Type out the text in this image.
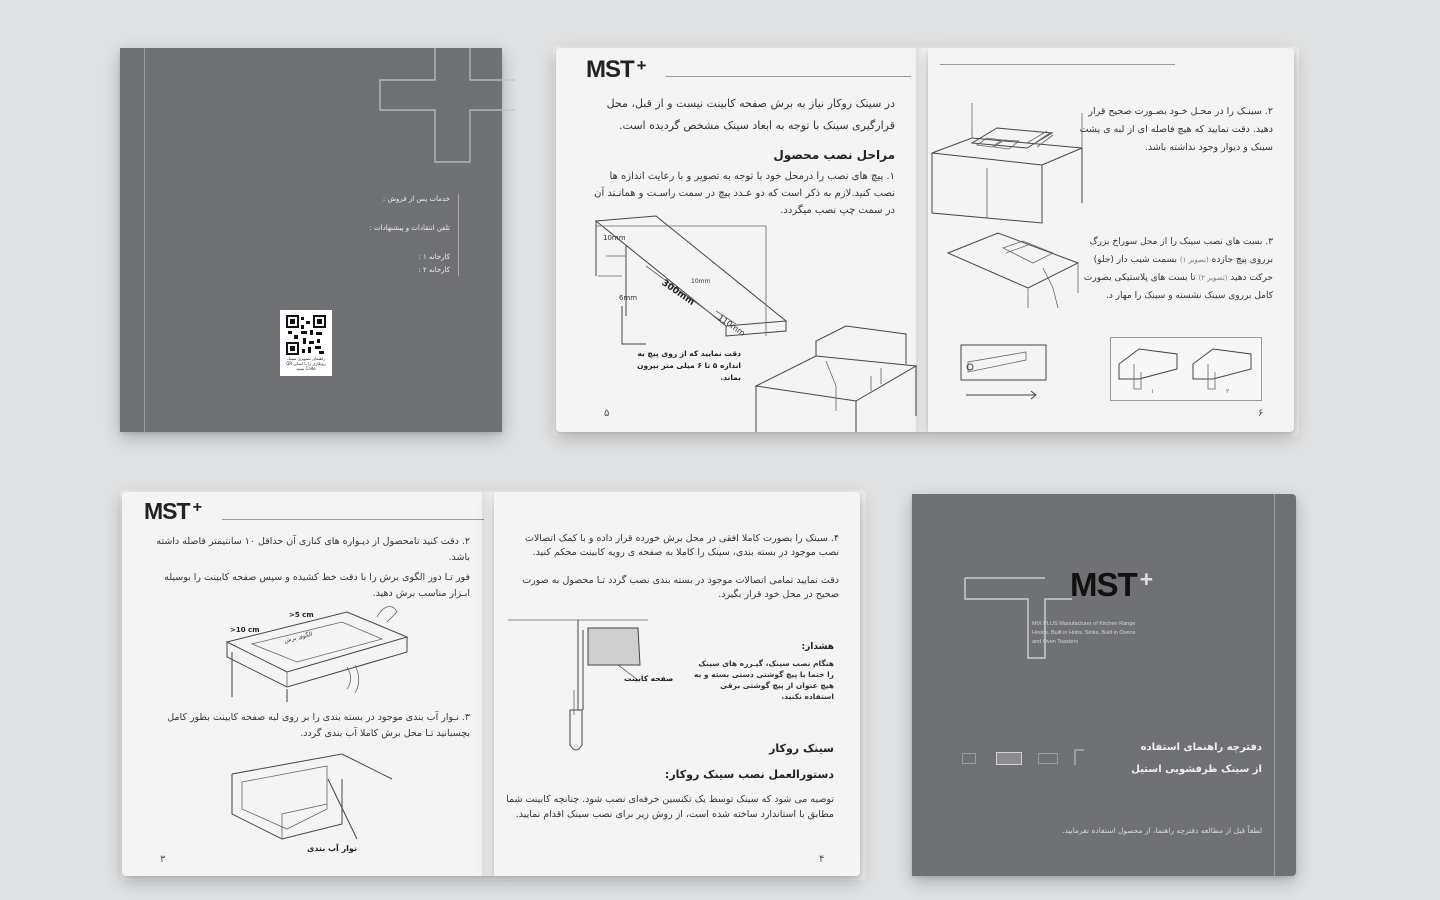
خدمات پس از فروش :
تلفن انتقادات و پیشنهادات :
کارخانه ۱ :
کارخانه ۲ :
راهنمای تصویری سینک رویکاری را با اسکن QR Code ببینید
MST +
در سینک روکار نیاز به برش صفحه کابینت نیست و از قبل، محل قرارگیری سینک با توجه به ابعاد سینک مشخص گردیده است.
مراحل نصب محصول
۱. پیچ های نصب را درمحل خود با توجه به تصویر و با رعایت اندازه ها نصب کنید.لازم به ذکر است که دو عـدد پیچ در سمت راسـت و همانـند آن در سمت چپ نصب میگردد.
10mm
300mm
10mm
6mm
110mm
دقت نمایید که از روی پیچ به اندازه ۵ تا ۶ میلی متر بیرون بماند.
۵
۲. سینـک را در محـل خـود بصـورت صحیح قرار دهید. دقت نمایید که هیچ فاصله ای از لبه ی پشت سینک و دیوار وجود نداشته باشد.
۳. بست های نصب سینک را از محل سوراخ بزرگ برروی پیچ جازده (تصویر ۱) بسمت شیب دار (جلو) حرکت دهید (تصویر ۲) تا بست های پلاستیکی بصورت کامل برروی سینک نشسته و سینک را مهار د.
۱	۲
۶
MST +
۲. دقت کنید تامحصول از دیـواره های کناری آن حداقل ۱۰ سانتیمتر فاصله داشته باشد.
فور تـا دور الگوی برش را با دقت خط کشیده و سپس صفحه کابینت را بوسیله ابـزار مناسب برش دهید.
>5 cm
>10 cm
الگوی برش
۳. نـوار آب بندی موجود در بسته بندی را بر روی لبه صفحه کابینت بطور کامل بچسبانید تـا محل برش کاملا آب بندی گردد.
نوار آب بندی
۳
۴. سینک را بصورت کاملا افقی در محل برش خورده قرار داده و با کمک اتصالات نصب موجود در بسته بندی، سینک را کاملا به صفحه ی رویه کابینت محکم کنید.
دقت نمایید تمامی اتصالات موجود در بسته بندی نصب گردد تـا محصول به صورت صحیح در محل خود قرار بگیرد.
صفحه کابینت
هشدار:
هنگام نصب سینک، گیـرره های سینک را حتما با پیچ گوشتی دستی بسته و به هیچ عنوان از پیچ گوشتی برقی استفاده نکنید.
سینک روکار
دستورالعمل نصب سینک روکار:
توصیه می شود که سینک توسط یک تکنسین حرفه‌ای نصب شود. چنانچه کابینت شما مطابق با استاندارد ساخته شده است، از روش زیر برای نصب سینک اقدام نمایید.
۴
MST +
MIX PLUS Manufacturer of Kitchen Range Hoods, Built in Hobs, Sinks, Built in Ovens and Oven Toasters
دفترچه راهنمای استفاده
از سینک ظرفشویی استیل
لطفاً قبل از مطالعه دفترچه راهنما، از محصول استفاده نفرمایید.
